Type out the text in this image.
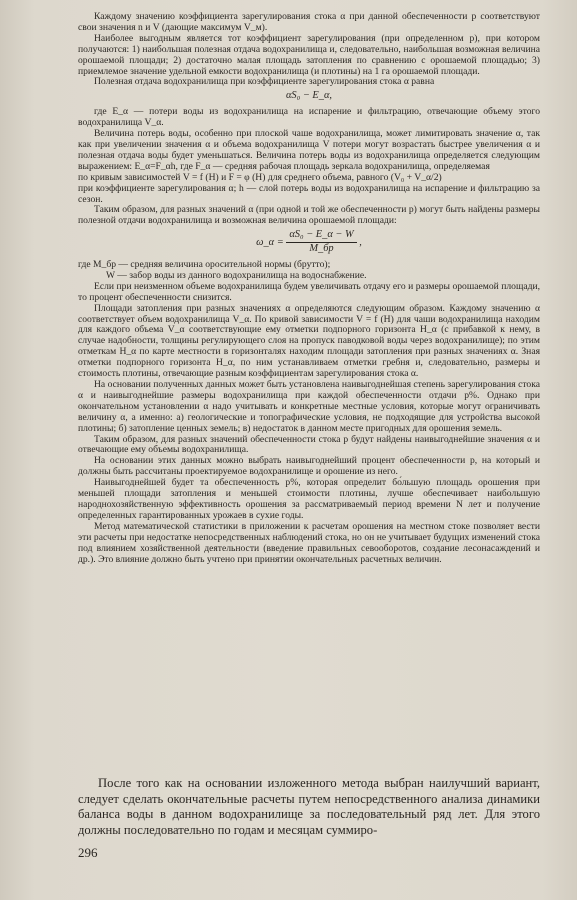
Каждому значению коэффициента зарегулирования стока α при данной обеспеченности p соответствуют свои значения n и V (дающие максимум V_м).

Наиболее выгодным является тот коэффициент зарегулирования (при определенном p), при котором получаются: 1) наибольшая полезная отдача водохранилища и, следовательно, наибольшая возможная величина орошаемой площади; 2) достаточно малая площадь затопления по сравнению с орошаемой площадью; 3) приемлемое значение удельной емкости водохранилища (и плотины) на 1 га орошаемой площади.

Полезная отдача водохранилища при коэффициенте зарегулирования стока α равна

αS₀ − E_α,

где E_α — потери воды из водохранилища на испарение и фильтрацию, отвечающие объему этого водохранилища V_α.

Величина потерь воды, особенно при плоской чаше водохранилища, может лимитировать значение α, так как при увеличении значения α и объема водохранилища V потери могут возрастать быстрее увеличения α и полезная отдача воды будет уменьшаться. Величина потерь воды из водохранилища определяется следующим выражением: E_α=F_αh, где F_α — средняя рабочая площадь зеркала водохранилища, определяемая

по кривым зависимостей V = f (H) и F = φ (H) для среднего объема, равного (V₀ + V_α/2)

при коэффициенте зарегулирования α; h — слой потерь воды из водохранилища на испарение и фильтрацию за сезон.

Таким образом, для разных значений α (при одной и той же обеспеченности p) могут быть найдены размеры полезной отдачи водохранилища и возможная величина орошаемой площади:

ω_α = $\frac{\text{αS₀ − E\_α − W}}{M\_бр}$ ,

где M_бр — средняя величина оросительной нормы (брутто);

W — забор воды из данного водохранилища на водоснабжение.

Если при неизменном объеме водохранилища будем увеличивать отдачу его и размеры орошаемой площади, то процент обеспеченности снизится.

Площади затопления при разных значениях α определяются следующим образом. Каждому значению α соответствует объем водохранилища V_α. По кривой зависимости V = f (H) для чаши водохранилища находим для каждого объема V_α соответствующие ему отметки подпорного горизонта H_α (с прибавкой к нему, в случае надобности, толщины регулирующего слоя на пропуск паводковой воды через водохранилище); по этим отметкам H_α по карте местности в горизонталях находим площади затопления при разных значениях α. Зная отметки подпорного горизонта H_α, по ним устанавливаем отметки гребня и, следовательно, размеры и стоимость плотины, отвечающие разным коэффициентам зарегулирования стока α.

На основании полученных данных может быть установлена наивыгоднейшая степень зарегулирования стока α и наивыгоднейшие размеры водохранилища при каждой обеспеченности отдачи p%. Однако при окончательном установлении α надо учитывать и конкретные местные условия, которые могут ограничивать величину α, а именно: а) геологические и топографические условия, не подходящие для устройства высокой плотины; б) затопление ценных земель; в) недостаток в данном месте пригодных для орошения земель.

Таким образом, для разных значений обеспеченности стока p будут найдены наивыгоднейшие значения α и отвечающие ему объемы водохранилища.

На основании этих данных можно выбрать наивыгоднейший процент обеспеченности p, на который и должны быть рассчитаны проектируемое водохранилище и орошение из него.

Наивыгоднейшей будет та обеспеченность p%, которая определит бо́льшую площадь орошения при меньшей площади затопления и меньшей стоимости плотины, лучше обеспечивает наибольшую народнохозяйственную эффективность орошения за рассматриваемый период времени N лет и получение определенных гарантированных урожаев в сухие годы.

Метод математической статистики в приложении к расчетам орошения на местном стоке позволяет вести эти расчеты при недостатке непосредственных наблюдений стока, но он не учитывает будущих изменений стока под влиянием хозяйственной деятельности (введение правильных севооборотов, создание лесонасаждений и др.). Это влияние должно быть учтено при принятии окончательных расчетных величин.

После того как на основании изложенного метода выбран наилучший вариант, следует сделать окончательные расчеты путем непосредственного анализа динамики баланса воды в данном водохранилище за последовательный ряд лет. Для этого должны последовательно по годам и месяцам суммиро-

296
